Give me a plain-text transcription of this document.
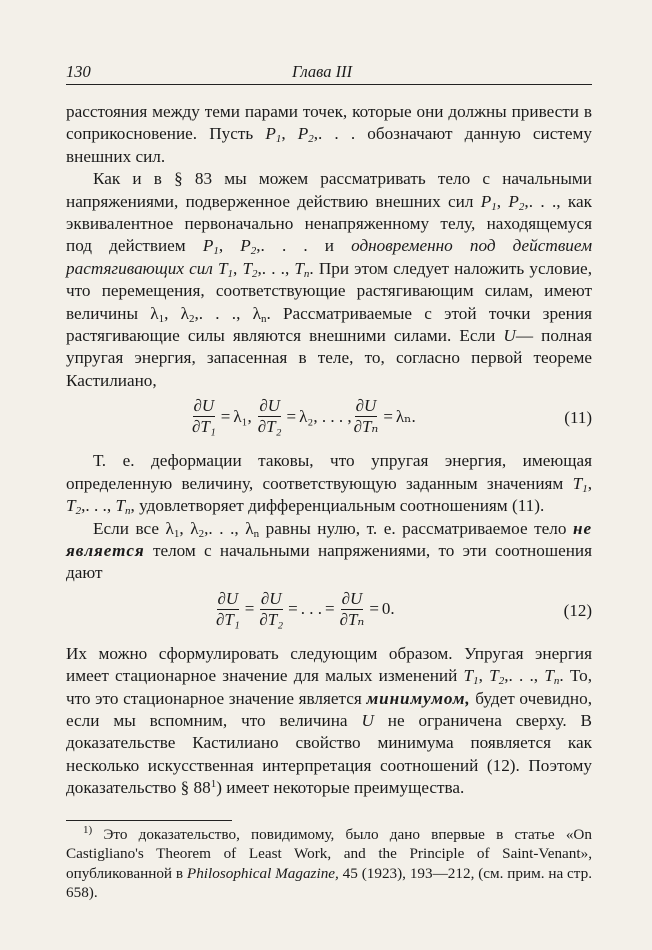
130	Глава III

расстояния между теми парами точек, которые они должны привести в соприкосновение. Пусть $P_1$, $P_2$,. . . обозначают данную систему внешних сил.

Как и в § 83 мы можем рассматривать тело с начальными напряжениями, подверженное действию внешних сил $P_1$, $P_2$,. . ., как эквивалентное первоначально ненапряженному телу, находящемуся под действием $P_1$, $P_2$,. . . и одновременно под действием растягивающих сил $T_1$, $T_2$,. . ., $T_n$. При этом следует наложить условие, что перемещения, соответствующие растягивающим силам, имеют величины $\lambda_1$, $\lambda_2$,. . ., $\lambda_n$. Рассматриваемые с этой точки зрения растягивающие силы являются внешними силами. Если U— полная упругая энергия, запасенная в теле, то, согласно первой теореме Кастилиано,

$\frac{\partial U}{\text{∂T₁}} = \lambda_1$ , $\frac{\partial U}{\text{∂T₂}} = \lambda_2$ , . . . , $\frac{\partial U}{\text{∂Tₙ}} = \lambda_n$ .	(11)

Т. е. деформации таковы, что упругая энергия, имеющая определенную величину, соответствующую заданным значениям $T_1$, $T_2$,. . ., $T_n$, удовлетворяет дифференциальным соотношениям (11).

Если все $\lambda_1$, $\lambda_2$,. . ., $\lambda_n$ равны нулю, т. е. рассматриваемое тело не является телом с начальными напряжениями, то эти соотношения дают

$\frac{\partial U}{\text{∂T₁}} = \frac{\partial U}{\text{∂T₂}}$ = . . . = $\frac{\partial U}{\text{∂Tₙ}} = 0$.	(12)

Их можно сформулировать следующим образом. Упругая энергия имеет стационарное значение для малых изменений $T_1$, $T_2$,. . ., $T_n$. То, что это стационарное значение является минимумом, будет очевидно, если мы вспомним, что величина U не ограничена сверху. В доказательстве Кастилиано свойство минимума появляется как несколько искусственная интерпретация соотношений (12). Поэтому доказательство § $88^1$) имеет некоторые преимущества.

$^{1)}$ Это доказательство, повидимому, было дано впервые в статье «On Castigliano's Theorem of Least Work, and the Principle of Saint-Venant», опубликованной в Philosophical Magazine, 45 (1923), 193—212, (см. прим. на стр. 658).
